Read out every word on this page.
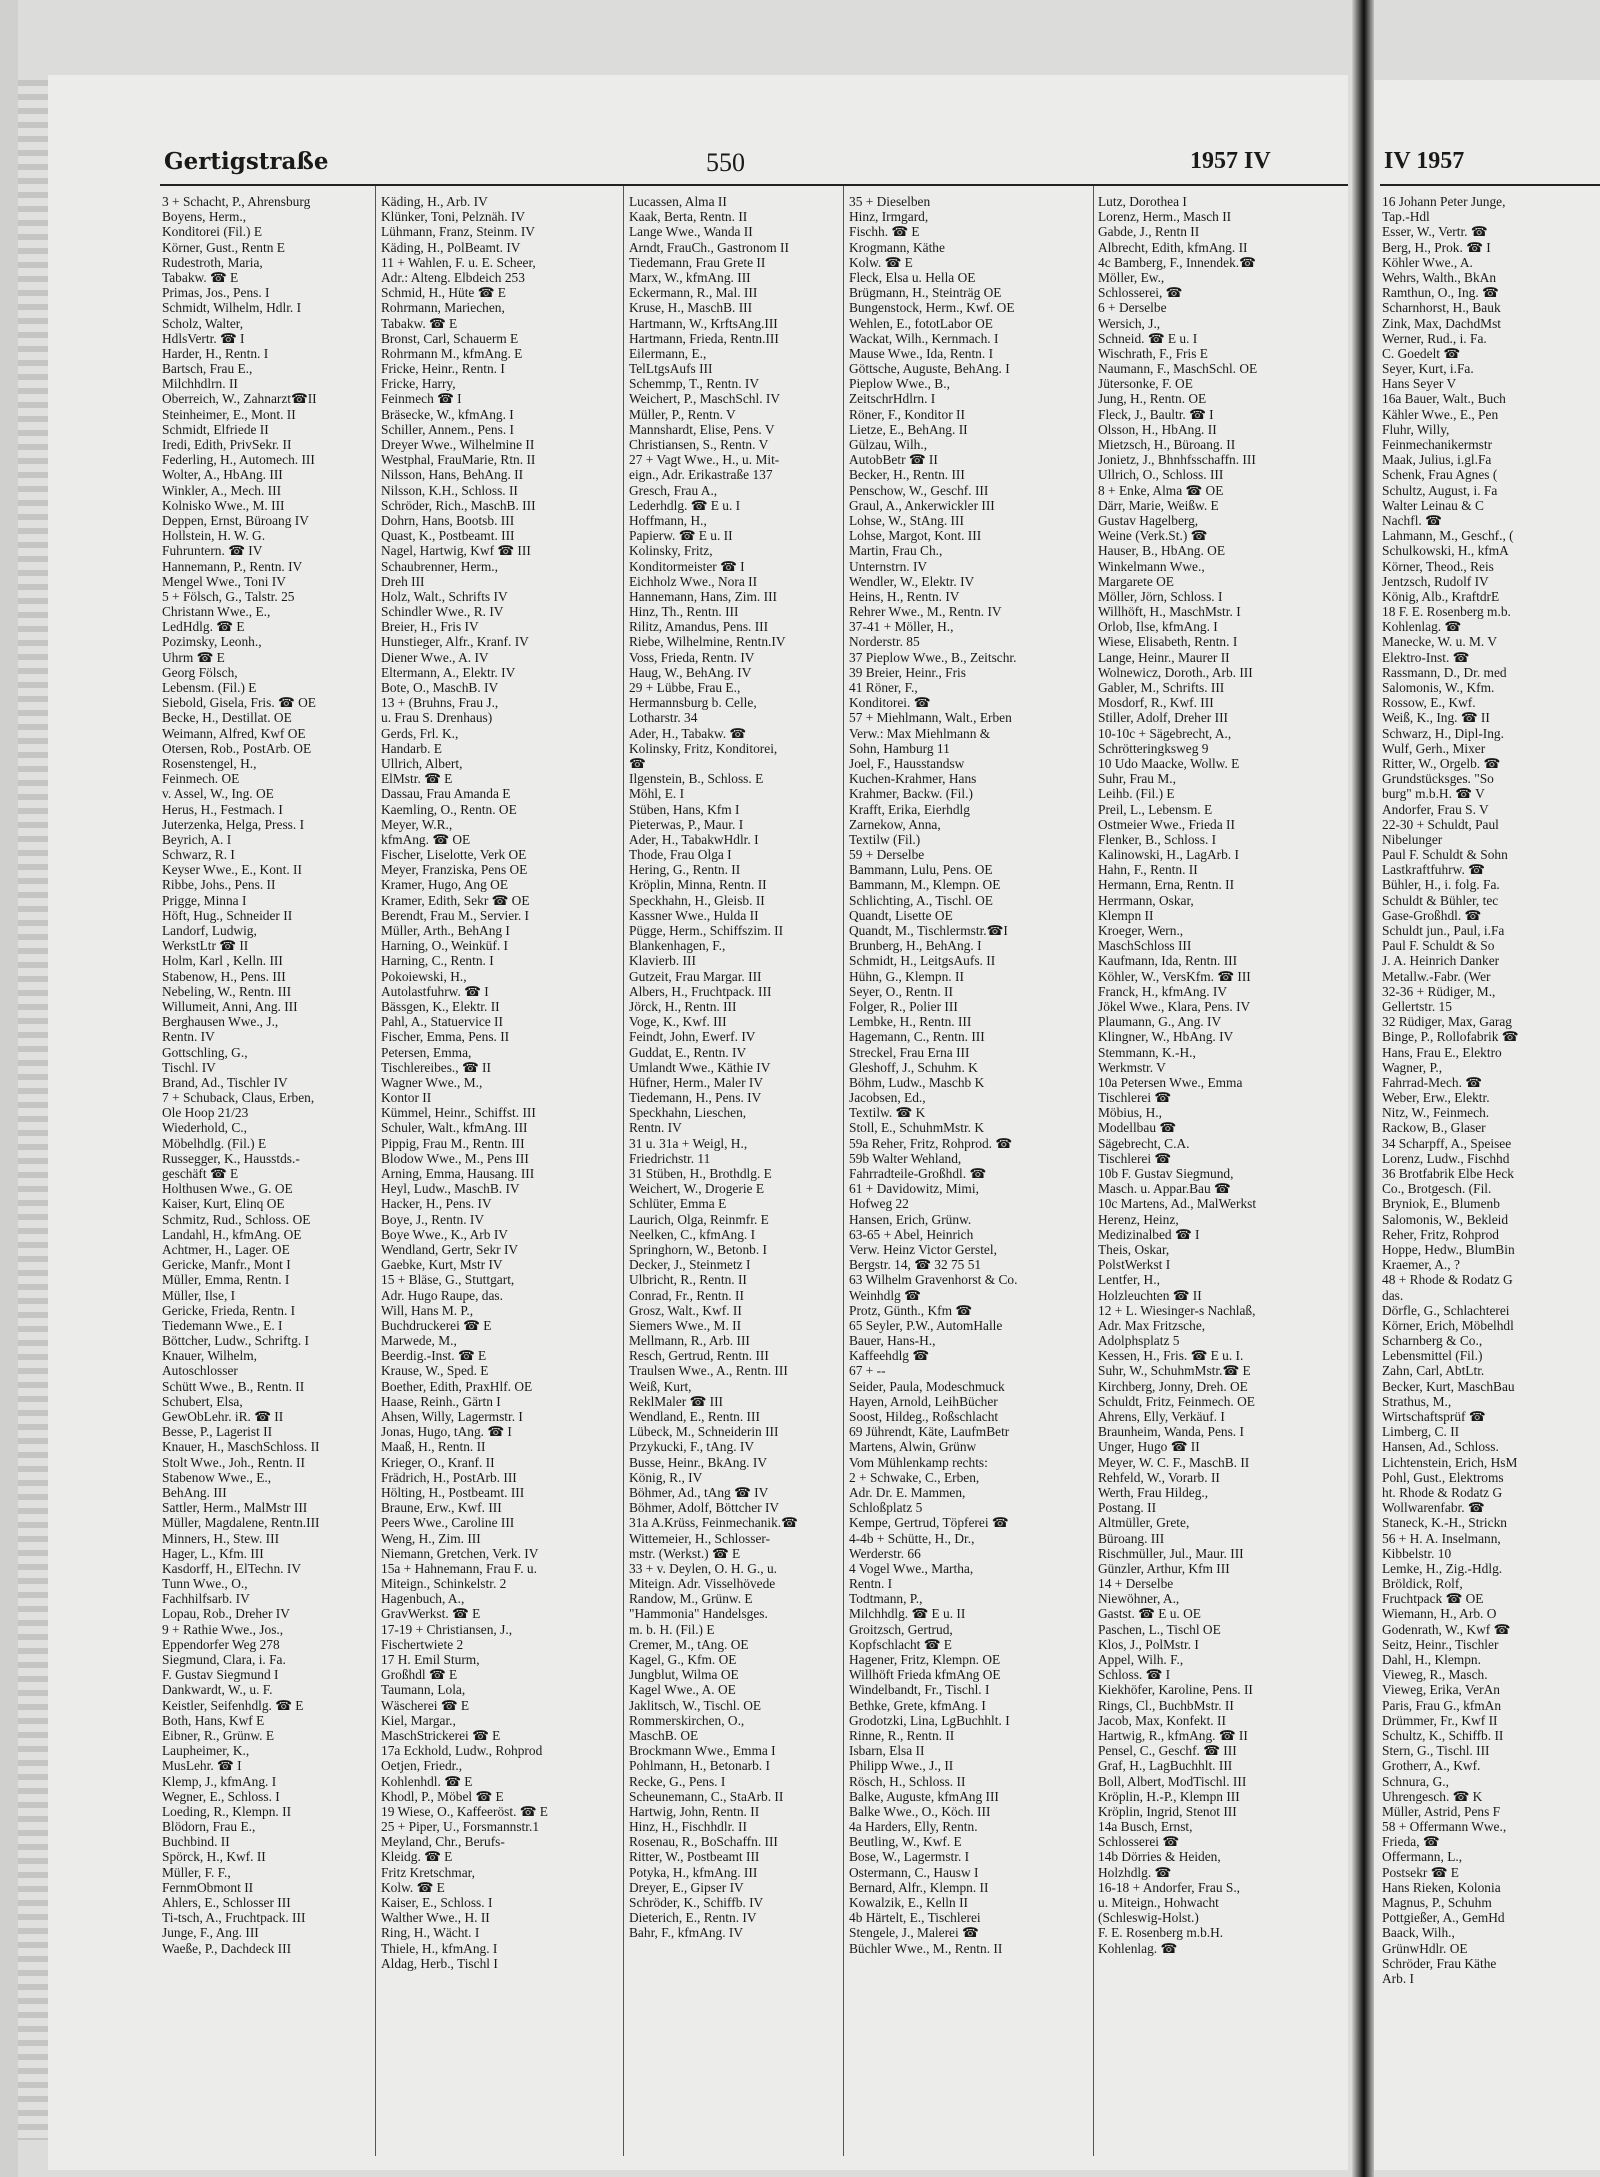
Gertigstraße	550	1957 IV	IV 1957
3 + Schacht, P., Ahrensburg
Boyens, Herm.,
Konditorei (Fil.) E
Körner, Gust., Rentn E
Rudestroth, Maria,
Tabakw. ☎ E
Primas, Jos., Pens. I
Schmidt, Wilhelm, Hdlr. I
Scholz, Walter,
HdlsVertr. ☎ I
Harder, H., Rentn. I
Bartsch, Frau E.,
Milchhdlrn. II
Oberreich, W., Zahnarzt☎II
Steinheimer, E., Mont. II
Schmidt, Elfriede II
Iredi, Edith, PrivSekr. II
Federling, H., Automech. III
Wolter, A., HbAng. III
Winkler, A., Mech. III
Kolnisko Wwe., M. III
Deppen, Ernst, Büroang IV
Hollstein, H. W. G.
Fuhruntern. ☎ IV
Hannemann, P., Rentn. IV
Mengel Wwe., Toni IV
5 + Fölsch, G., Talstr. 25
Christann Wwe., E.,
LedHdlg. ☎ E
Pozimsky, Leonh.,
Uhrm ☎ E
Georg Fölsch,
Lebensm. (Fil.) E
Siebold, Gisela, Fris. ☎ OE
Becke, H., Destillat. OE
Weimann, Alfred, Kwf OE
Otersen, Rob., PostArb. OE
Rosenstengel, H.,
Feinmech. OE
v. Assel, W., Ing. OE
Herus, H., Festmach. I
Juterzenka, Helga, Press. I
Beyrich, A. I
Schwarz, R. I
Keyser Wwe., E., Kont. II
Ribbe, Johs., Pens. II
Prigge, Minna I
Höft, Hug., Schneider II
Landorf, Ludwig,
WerkstLtr ☎ II
Holm, Karl , Kelln. III
Stabenow, H., Pens. III
Nebeling, W., Rentn. III
Willumeit, Anni, Ang. III
Berghausen Wwe., J.,
Rentn. IV
Gottschling, G.,
Tischl. IV
Brand, Ad., Tischler IV
7 + Schuback, Claus, Erben,
Ole Hoop 21/23
Wiederhold, C.,
Möbelhdlg. (Fil.) E
Russegger, K., Hausstds.-
geschäft ☎ E
Holthusen Wwe., G. OE
Kaiser, Kurt, Elinq OE
Schmitz, Rud., Schloss. OE
Landahl, H., kfmAng. OE
Achtmer, H., Lager. OE
Gericke, Manfr., Mont I
Müller, Emma, Rentn. I
Müller, Ilse, I
Gericke, Frieda, Rentn. I
Tiedemann Wwe., E. I
Böttcher, Ludw., Schriftg. I
Knauer, Wilhelm,
Autoschlosser
Schütt Wwe., B., Rentn. II
Schubert, Elsa,
GewObLehr. iR. ☎ II
Besse, P., Lagerist II
Knauer, H., MaschSchloss. II
Stolt Wwe., Joh., Rentn. II
Stabenow Wwe., E.,
BehAng. III
Sattler, Herm., MalMstr III
Müller, Magdalene, Rentn.III
Minners, H., Stew. III
Hager, L., Kfm. III
Kasdorff, H., ElTechn. IV
Tunn Wwe., O.,
Fachhilfsarb. IV
Lopau, Rob., Dreher IV
9 + Rathie Wwe., Jos.,
Eppendorfer Weg 278
Siegmund, Clara, i. Fa.
F. Gustav Siegmund I
Dankwardt, W., u. F.
Keistler, Seifenhdlg. ☎ E
Both, Hans, Kwf E
Eibner, R., Grünw. E
Laupheimer, K.,
MusLehr. ☎ I
Klemp, J., kfmAng. I
Wegner, E., Schloss. I
Loeding, R., Klempn. II
Blödorn, Frau E.,
Buchbind. II
Spörck, H., Kwf. II
Müller, F. F.,
FernmObmont II
Ahlers, E., Schlosser III
Ti-tsch, A., Fruchtpack. III
Junge, F., Ang. III
Waeße, P., Dachdeck III
Käding, H., Arb. IV
Klünker, Toni, Pelznäh. IV
Lühmann, Franz, Steinm. IV
Käding, H., PolBeamt. IV
11 + Wahlen, F. u. E. Scheer,
Adr.: Alteng. Elbdeich 253
Schmid, H., Hüte ☎ E
Rohrmann, Mariechen,
Tabakw. ☎ E
Bronst, Carl, Schauerm E
Rohrmann M., kfmAng. E
Fricke, Heinr., Rentn. I
Fricke, Harry,
Feinmech ☎ I
Bräsecke, W., kfmAng. I
Schiller, Annem., Pens. I
Dreyer Wwe., Wilhelmine II
Westphal, FrauMarie, Rtn. II
Nilsson, Hans, BehAng. II
Nilsson, K.H., Schloss. II
Schröder, Rich., MaschB. III
Dohrn, Hans, Bootsb. III
Quast, K., Postbeamt. III
Nagel, Hartwig, Kwf ☎ III
Schaubrenner, Herm.,
Dreh III
Holz, Walt., Schrifts IV
Schindler Wwe., R. IV
Breier, H., Fris IV
Hunstieger, Alfr., Kranf. IV
Diener Wwe., A. IV
Eltermann, A., Elektr. IV
Bote, O., MaschB. IV
13 + (Bruhns, Frau J.,
u. Frau S. Drenhaus)
Gerds, Frl. K.,
Handarb. E
Ullrich, Albert,
ElMstr. ☎ E
Dassau, Frau Amanda E
Kaemling, O., Rentn. OE
Meyer, W.R.,
kfmAng. ☎ OE
Fischer, Liselotte, Verk OE
Meyer, Franziska, Pens OE
Kramer, Hugo, Ang OE
Kramer, Edith, Sekr ☎ OE
Berendt, Frau M., Servier. I
Müller, Arth., BehAng I
Harning, O., Weinküf. I
Harning, C., Rentn. I
Pokoiewski, H.,
Autolastfuhrw. ☎ I
Bässgen, K., Elektr. II
Pahl, A., Statuervice II
Fischer, Emma, Pens. II
Petersen, Emma,
Tischlereibes., ☎ II
Wagner Wwe., M.,
Kontor II
Kümmel, Heinr., Schiffst. III
Schuler, Walt., kfmAng. III
Pippig, Frau M., Rentn. III
Blodow Wwe., M., Pens III
Arning, Emma, Hausang. III
Heyl, Ludw., MaschB. IV
Hacker, H., Pens. IV
Boye, J., Rentn. IV
Boye Wwe., K., Arb IV
Wendland, Gertr, Sekr IV
Gaebke, Kurt, Mstr IV
15 + Bläse, G., Stuttgart,
Adr. Hugo Raupe, das.
Will, Hans M. P.,
Buchdruckerei ☎ E
Marwede, M.,
Beerdig.-Inst. ☎ E
Krause, W., Sped. E
Boether, Edith, PraxHlf. OE
Haase, Reinh., Gärtn I
Ahsen, Willy, Lagermstr. I
Jonas, Hugo, tAng. ☎ I
Maaß, H., Rentn. II
Krieger, O., Kranf. II
Frädrich, H., PostArb. III
Hölting, H., Postbeamt. III
Braune, Erw., Kwf. III
Peers Wwe., Caroline III
Weng, H., Zim. III
Niemann, Gretchen, Verk. IV
15a + Hahnemann, Frau F. u.
Miteign., Schinkelstr. 2
Hagenbuch, A.,
GravWerkst. ☎ E
17-19 + Christiansen, J.,
Fischertwiete 2
17 H. Emil Sturm,
Großhdl ☎ E
Taumann, Lola,
Wäscherei ☎ E
Kiel, Margar.,
MaschStrickerei ☎ E
17a Eckhold, Ludw., Rohprod
Oetjen, Friedr.,
Kohlenhdl. ☎ E
Khodl, P., Möbel ☎ E
19 Wiese, O., Kaffeeröst. ☎ E
25 + Piper, U., Forsmannstr.1
Meyland, Chr., Berufs-
Kleidg. ☎ E
Fritz Kretschmar,
Kolw. ☎ E
Kaiser, E., Schloss. I
Walther Wwe., H. II
Ring, H., Wächt. I
Thiele, H., kfmAng. I
Aldag, Herb., Tischl I
Lucassen, Alma II
Kaak, Berta, Rentn. II
Lange Wwe., Wanda II
Arndt, FrauCh., Gastronom II
Tiedemann, Frau Grete II
Marx, W., kfmAng. III
Eckermann, R., Mal. III
Kruse, H., MaschB. III
Hartmann, W., KrftsAng.III
Hartmann, Frieda, Rentn.III
Eilermann, E.,
TelLtgsAufs III
Schemmp, T., Rentn. IV
Weichert, P., MaschSchl. IV
Müller, P., Rentn. V
Mannshardt, Elise, Pens. V
Christiansen, S., Rentn. V
27 + Vagt Wwe., H., u. Mit-
eign., Adr. Erikastraße 137
Gresch, Frau A.,
Lederhdlg. ☎ E u. I
Hoffmann, H.,
Papierw. ☎ E u. II
Kolinsky, Fritz,
Konditormeister ☎ I
Eichholz Wwe., Nora II
Hannemann, Hans, Zim. III
Hinz, Th., Rentn. III
Rilitz, Amandus, Pens. III
Riebe, Wilhelmine, Rentn.IV
Voss, Frieda, Rentn. IV
Haug, W., BehAng. IV
29 + Lübbe, Frau E.,
Hermannsburg b. Celle,
Lotharstr. 34
Ader, H., Tabakw. ☎
Kolinsky, Fritz, Konditorei,
☎
Ilgenstein, B., Schloss. E
Möhl, E. I
Stüben, Hans, Kfm I
Pieterwas, P., Maur. I
Ader, H., TabakwHdlr. I
Thode, Frau Olga I
Hering, G., Rentn. II
Kröplin, Minna, Rentn. II
Speckhahn, H., Gleisb. II
Kassner Wwe., Hulda II
Pügge, Herm., Schiffszim. II
Blankenhagen, F.,
Klavierb. III
Gutzeit, Frau Margar. III
Albers, H., Fruchtpack. III
Jörck, H., Rentn. III
Voge, K., Kwf. III
Feindt, John, Ewerf. IV
Guddat, E., Rentn. IV
Umlandt Wwe., Käthie IV
Hüfner, Herm., Maler IV
Tiedemann, H., Pens. IV
Speckhahn, Lieschen,
Rentn. IV
31 u. 31a + Weigl, H.,
Friedrichstr. 11
31 Stüben, H., Brothdlg. E
Weichert, W., Drogerie E
Schlüter, Emma E
Laurich, Olga, Reinmfr. E
Neelken, C., kfmAng. I
Springhorn, W., Betonb. I
Decker, J., Steinmetz I
Ulbricht, R., Rentn. II
Conrad, Fr., Rentn. II
Grosz, Walt., Kwf. II
Siemers Wwe., M. II
Mellmann, R., Arb. III
Resch, Gertrud, Rentn. III
Traulsen Wwe., A., Rentn. III
Weiß, Kurt,
ReklMaler ☎ III
Wendland, E., Rentn. III
Lübeck, M., Schneiderin III
Przykucki, F., tAng. IV
Busse, Heinr., BkAng. IV
König, R., IV
Böhmer, Ad., tAng ☎ IV
Böhmer, Adolf, Böttcher IV
31a A.Krüss, Feinmechanik.☎
Wittemeier, H., Schlosser-
mstr. (Werkst.) ☎ E
33 + v. Deylen, O. H. G., u.
Miteign. Adr. Visselhövede
Randow, M., Grünw. E
"Hammonia" Handelsges.
m. b. H. (Fil.) E
Cremer, M., tAng. OE
Kagel, G., Kfm. OE
Jungblut, Wilma OE
Kagel Wwe., A. OE
Jaklitsch, W., Tischl. OE
Rommerskirchen, O.,
MaschB. OE
Brockmann Wwe., Emma I
Pohlmann, H., Betonarb. I
Recke, G., Pens. I
Scheunemann, C., StaArb. II
Hartwig, John, Rentn. II
Hinz, H., Fischhdlr. II
Rosenau, R., BoSchaffn. III
Ritter, W., Postbeamt III
Potyka, H., kfmAng. III
Dreyer, E., Gipser IV
Schröder, K., Schiffb. IV
Dieterich, E., Rentn. IV
Bahr, F., kfmAng. IV
35 + Dieselben
Hinz, Irmgard,
Fischh. ☎ E
Krogmann, Käthe
Kolw. ☎ E
Fleck, Elsa u. Hella OE
Brügmann, H., Steinträg OE
Bungenstock, Herm., Kwf. OE
Wehlen, E., fototLabor OE
Wackat, Wilh., Kernmach. I
Mause Wwe., Ida, Rentn. I
Göttsche, Auguste, BehAng. I
Pieplow Wwe., B.,
ZeitschrHdlrn. I
Röner, F., Konditor II
Lietze, E., BehAng. II
Gülzau, Wilh.,
AutobBetr ☎ II
Becker, H., Rentn. III
Penschow, W., Geschf. III
Graul, A., Ankerwickler III
Lohse, W., StAng. III
Lohse, Margot, Kont. III
Martin, Frau Ch.,
Unternstrn. IV
Wendler, W., Elektr. IV
Heins, H., Rentn. IV
Rehrer Wwe., M., Rentn. IV
37-41 + Möller, H.,
Norderstr. 85
37 Pieplow Wwe., B., Zeitschr.
39 Breier, Heinr., Fris
41 Röner, F.,
Konditorei. ☎
57 + Miehlmann, Walt., Erben
Verw.: Max Miehlmann &
Sohn, Hamburg 11
Joel, F., Hausstandsw
Kuchen-Krahmer, Hans
Krahmer, Backw. (Fil.)
Krafft, Erika, Eierhdlg
Zarnekow, Anna,
Textilw (Fil.)
59 + Derselbe
Bammann, Lulu, Pens. OE
Bammann, M., Klempn. OE
Schlichting, A., Tischl. OE
Quandt, Lisette OE
Quandt, M., Tischlermstr.☎I
Brunberg, H., BehAng. I
Schmidt, H., LeitgsAufs. II
Hühn, G., Klempn. II
Seyer, O., Rentn. II
Folger, R., Polier III
Lembke, H., Rentn. III
Hagemann, C., Rentn. III
Streckel, Frau Erna III
Gleshoff, J., Schuhm. K
Böhm, Ludw., Maschb K
Jacobsen, Ed.,
Textilw. ☎ K
Stoll, E., SchuhmMstr. K
59a Reher, Fritz, Rohprod. ☎
59b Walter Wehland,
Fahrradteile-Großhdl. ☎
61 + Davidowitz, Mimi,
Hofweg 22
Hansen, Erich, Grünw.
63-65 + Abel, Heinrich
Verw. Heinz Victor Gerstel,
Bergstr. 14, ☎ 32 75 51
63 Wilhelm Gravenhorst & Co.
Weinhdlg ☎
Protz, Günth., Kfm ☎
65 Seyler, P.W., AutomHalle
Bauer, Hans-H.,
Kaffeehdlg ☎
67 + --
Seider, Paula, Modeschmuck
Hayen, Arnold, LeihBücher
Soost, Hildeg., Roßschlacht
69 Jührendt, Käte, LaufmBetr
Martens, Alwin, Grünw
Vom Mühlenkamp rechts:
2 + Schwake, C., Erben,
Adr. Dr. E. Mammen,
Schloßplatz 5
Kempe, Gertrud, Töpferei ☎
4-4b + Schütte, H., Dr.,
Werderstr. 66
4 Vogel Wwe., Martha,
Rentn. I
Todtmann, P.,
Milchhdlg. ☎ E u. II
Groitzsch, Gertrud,
Kopfschlacht ☎ E
Hagener, Fritz, Klempn. OE
Willhöft Frieda kfmAng OE
Windelbandt, Fr., Tischl. I
Bethke, Grete, kfmAng. I
Grodotzki, Lina, LgBuchhlt. I
Rinne, R., Rentn. II
Isbarn, Elsa II
Philipp Wwe., J., II
Rösch, H., Schloss. II
Balke, Auguste, kfmAng III
Balke Wwe., O., Köch. III
4a Harders, Elly, Rentn.
Beutling, W., Kwf. E
Bose, W., Lagermstr. I
Ostermann, C., Hausw I
Bernard, Alfr., Klempn. II
Kowalzik, E., Kelln II
4b Härtelt, E., Tischlerei
Stengele, J., Malerei ☎
Büchler Wwe., M., Rentn. II
Lutz, Dorothea I
Lorenz, Herm., Masch II
Gabde, J., Rentn II
Albrecht, Edith, kfmAng. II
4c Bamberg, F., Innendek.☎
Möller, Ew.,
Schlosserei, ☎
6 + Derselbe
Wersich, J.,
Schneid. ☎ E u. I
Wischrath, F., Fris E
Naumann, F., MaschSchl. OE
Jütersonke, F. OE
Jung, H., Rentn. OE
Fleck, J., Baultr. ☎ I
Olsson, H., HbAng. II
Mietzsch, H., Büroang. II
Jonietz, J., Bhnhfsschaffn. III
Ullrich, O., Schloss. III
8 + Enke, Alma ☎ OE
Därr, Marie, Weißw. E
Gustav Hagelberg,
Weine (Verk.St.) ☎
Hauser, B., HbAng. OE
Winkelmann Wwe.,
Margarete OE
Möller, Jörn, Schloss. I
Willhöft, H., MaschMstr. I
Orlob, Ilse, kfmAng. I
Wiese, Elisabeth, Rentn. I
Lange, Heinr., Maurer II
Wolnewicz, Doroth., Arb. III
Gabler, M., Schrifts. III
Mosdorf, R., Kwf. III
Stiller, Adolf, Dreher III
10-10c + Sägebrecht, A.,
Schrötteringksweg 9
10 Udo Maacke, Wollw. E
Suhr, Frau M.,
Leihb. (Fil.) E
Preil, L., Lebensm. E
Ostmeier Wwe., Frieda II
Flenker, B., Schloss. I
Kalinowski, H., LagArb. I
Hahn, F., Rentn. II
Hermann, Erna, Rentn. II
Herrmann, Oskar,
Klempn II
Kroeger, Wern.,
MaschSchloss III
Kaufmann, Ida, Rentn. III
Köhler, W., VersKfm. ☎ III
Franck, H., kfmAng. IV
Jökel Wwe., Klara, Pens. IV
Plaumann, G., Ang. IV
Klingner, W., HbAng. IV
Stemmann, K.-H.,
Werkmstr. V
10a Petersen Wwe., Emma
Tischlerei ☎
Möbius, H.,
Modellbau ☎
Sägebrecht, C.A.
Tischlerei ☎
10b F. Gustav Siegmund,
Masch. u. Appar.Bau ☎
10c Martens, Ad., MalWerkst
Herenz, Heinz,
Medizinalbed ☎ I
Theis, Oskar,
PolstWerkst I
Lentfer, H.,
Holzleuchten ☎ II
12 + L. Wiesinger-s Nachlaß,
Adr. Max Fritzsche,
Adolphsplatz 5
Kessen, H., Fris. ☎ E u. I.
Suhr, W., SchuhmMstr.☎ E
Kirchberg, Jonny, Dreh. OE
Schuldt, Fritz, Feinmech. OE
Ahrens, Elly, Verkäuf. I
Braunheim, Wanda, Pens. I
Unger, Hugo ☎ II
Meyer, W. C. F., MaschB. II
Rehfeld, W., Vorarb. II
Werth, Frau Hildeg.,
Postang. II
Altmüller, Grete,
Büroang. III
Rischmüller, Jul., Maur. III
Günzler, Arthur, Kfm III
14 + Derselbe
Niewöhner, A.,
Gastst. ☎ E u. OE
Paschen, L., Tischl OE
Klos, J., PolMstr. I
Appel, Wilh. F.,
Schloss. ☎ I
Kiekhöfer, Karoline, Pens. II
Rings, Cl., BuchbMstr. II
Jacob, Max, Konfekt. II
Hartwig, R., kfmAng. ☎ II
Pensel, C., Geschf. ☎ III
Graf, H., LagBuchhlt. III
Boll, Albert, ModTischl. III
Kröplin, H.-P., Klempn III
Kröplin, Ingrid, Stenot III
14a Busch, Ernst,
Schlosserei ☎
14b Dörries & Heiden,
Holzhdlg. ☎
16-18 + Andorfer, Frau S.,
u. Miteign., Hohwacht
(Schleswig-Holst.)
F. E. Rosenberg m.b.H.
Kohlenlag. ☎
16 Johann Peter Junge,
Tap.-Hdl
Esser, W., Vertr. ☎
Berg, H., Prok. ☎ I
Köhler Wwe., A.
Wehrs, Walth., BkAn
Ramthun, O., Ing. ☎
Scharnhorst, H., Bauk
Zink, Max, DachdMst
Werner, Rud., i. Fa.
C. Goedelt ☎
Seyer, Kurt, i.Fa.
Hans Seyer V
16a Bauer, Walt., Buch
Kähler Wwe., E., Pen
Fluhr, Willy,
Feinmechanikermstr
Maak, Julius, i.gl.Fa
Schenk, Frau Agnes (
Schultz, August, i. Fa
Walter Leinau & C
Nachfl. ☎
Lahmann, M., Geschf., (
Schulkowski, H., kfmA
Körner, Theod., Reis
Jentzsch, Rudolf IV
König, Alb., KraftdrE
18 F. E. Rosenberg m.b.
Kohlenlag. ☎
Manecke, W. u. M. V
Elektro-Inst. ☎
Rassmann, D., Dr. med
Salomonis, W., Kfm.
Rossow, E., Kwf.
Weiß, K., Ing. ☎ II
Schwarz, H., Dipl-Ing.
Wulf, Gerh., Mixer
Ritter, W., Orgelb. ☎
Grundstücksges. "So
burg" m.b.H. ☎ V
Andorfer, Frau S. V
22-30 + Schuldt, Paul
Nibelunger
Paul F. Schuldt & Sohn
Lastkraftfuhrw. ☎
Bühler, H., i. folg. Fa.
Schuldt & Bühler, tec
Gase-Großhdl. ☎
Schuldt jun., Paul, i.Fa
Paul F. Schuldt & So
J. A. Heinrich Danker
Metallw.-Fabr. (Wer
32-36 + Rüdiger, M.,
Gellertstr. 15
32 Rüdiger, Max, Garag
Binge, P., Rollofabrik ☎
Hans, Frau E., Elektro
Wagner, P.,
Fahrrad-Mech. ☎
Weber, Erw., Elektr.
Nitz, W., Feinmech.
Rackow, B., Glaser
34 Scharpff, A., Speisee
Lorenz, Ludw., Fischhd
36 Brotfabrik Elbe Heck
Co., Brotgesch. (Fil.
Bryniok, E., Blumenb
Salomonis, W., Bekleid
Reher, Fritz, Rohprod
Hoppe, Hedw., BlumBin
Kraemer, A., ?
48 + Rhode & Rodatz G
das.
Dörfle, G., Schlachterei
Körner, Erich, Möbelhdl
Scharnberg & Co.,
Lebensmittel (Fil.)
Zahn, Carl, AbtLtr.
Becker, Kurt, MaschBau
Strathus, M.,
Wirtschaftsprüf ☎
Limberg, C. II
Hansen, Ad., Schloss.
Lichtenstein, Erich, HsM
Pohl, Gust., Elektroms
ht. Rhode & Rodatz G
Wollwarenfabr. ☎
Staneck, K.-H., Strickn
56 + H. A. Inselmann,
Kibbelstr. 10
Lemke, H., Zig.-Hdlg.
Bröldick, Rolf,
Fruchtpack ☎ OE
Wiemann, H., Arb. O
Godenrath, W., Kwf ☎
Seitz, Heinr., Tischler
Dahl, H., Klempn.
Vieweg, R., Masch.
Vieweg, Erika, VerAn
Paris, Frau G., kfmAn
Drümmer, Fr., Kwf II
Schultz, K., Schiffb. II
Stern, G., Tischl. III
Grotherr, A., Kwf.
Schnura, G.,
Uhrengesch. ☎ K
Müller, Astrid, Pens F
58 + Offermann Wwe.,
Frieda, ☎
Offermann, L.,
Postsekr ☎ E
Hans Rieken, Kolonia
Magnus, P., Schuhm
Pottgießer, A., GemHd
Baack, Wilh.,
GrünwHdlr. OE
Schröder, Frau Käthe
Arb. I
